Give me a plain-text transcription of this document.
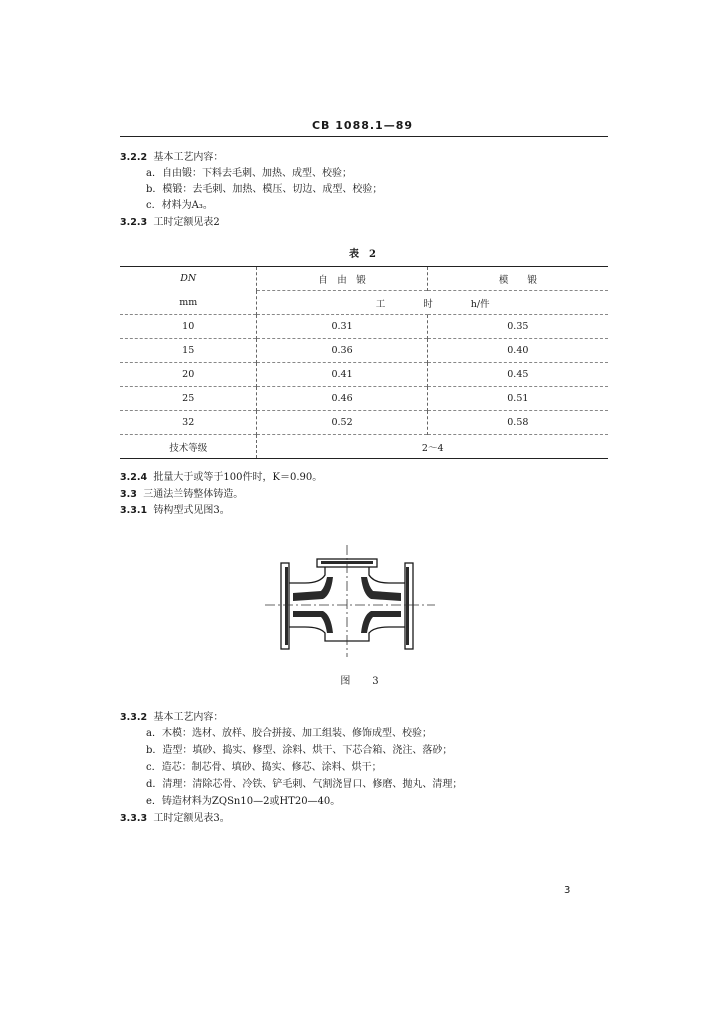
CB 1088.1—89
3.2.2 基本工艺内容：
a．自由锻：下料去毛刺、加热、成型、校验；
b．模锻：去毛刺、加热、模压、切边、成型、校验；
c．材料为A₃。
3.2.3 工时定额见表2
表　2
DN	自　由　锻	模　　锻
mm	工　　　　时　　　　h/件	
10	0.31	0.35
15	0.36	0.40
20	0.41	0.45
25	0.46	0.51
32	0.52	0.58
技术等级	2～4	
3.2.4 批量大于或等于100件时，K＝0.90。
3.3 三通法兰铸整体铸造。
3.3.1 铸构型式见图3。
图　3
3.3.2 基本工艺内容：
a．木模：选材、放样、胶合拼接、加工组装、修饰成型、校验；
b．造型：填砂、捣实、修型、涂料、烘干、下芯合箱、浇注、落砂；
c．造芯：制芯骨、填砂、捣实、修芯、涂料、烘干；
d．清理：清除芯骨、冷铁、铲毛刺、气割浇冒口、修磨、抛丸、清理；
e．铸造材料为ZQSn10—2或HT20—40。
3.3.3 工时定额见表3。
3
